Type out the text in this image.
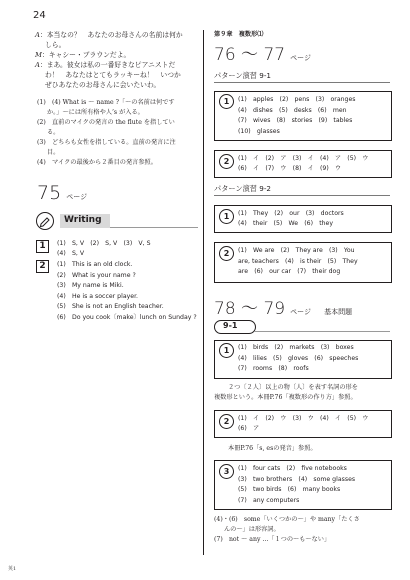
24
A：本当なの？　あなたのお母さんの名前は何か
しら。
M：キャシー・ブラウンだよ。
A：まあ。彼女は私の一番好きなピアニストだ
わ！　あなたはとてもラッキーね！　いつか
ぜひあなたのお母さんに会いたいわ。
(1)　(4) What is ～ name ?「～の名前は何です
か。」～には所有格や人’s が入る。
(2)　直前のマイクの発言の the flute を指してい
る。
(3)　どちらも女性を指している。直前の発言に注
目。
(4)　マイクの最後から２番目の発言参照。
75 ページ
Writing
1	(1)　S, V　(2)　S, V　(3)　V, S
(4)　S, V
2	(1)　This is an old clock.
(2)　What is your name ?
(3)　My name is Miki.
(4)　He is a soccer player.
(5)　She is not an English teacher.
(6)　Do you cook〔make〕lunch on Sunday ?
第９章　複数形⑴
76 ～ 77 ページ
パターン演習 9-1
1	(1)　apples　(2)　pens　(3)　oranges
(4)　dishes　(5)　desks　(6)　men
(7)　wives　(8)　stories　(9)　tables
(10)　glasses
2	(1)　イ　(2)　ア　(3)　イ　(4)　ア　(5)　ウ
(6)　イ　(7)　ウ　(8)　イ　(9)　ウ
パターン演習 9-2
1	(1)　They　(2)　our　(3)　doctors
(4)　their　(5)　We　(6)　they
2	(1)　We are　(2)　They are　(3)　You
are, teachers　(4)　is their　(5)　They
are　(6)　our car　(7)　their dog
78 ～ 79 ページ 基本問題
9-1
1	(1)　birds　(2)　markets　(3)　boxes
(4)　lilies　(5)　gloves　(6)　speeches
(7)　rooms　(8)　roofs
２つ〔２人〕以上の物〔人〕を表す名詞の形を
複数形という。本冊P.76「複数形の作り方」参照。
2	(1)　イ　(2)　ウ　(3)　ウ　(4)　イ　(5)　ウ
(6)　ア
本冊P.76「s, esの発音」参照。
3	(1)　four cats　(2)　five notebooks
(3)　two brothers　(4)　some glasses
(5)　two birds　(6)　many books
(7)　any computers
(4)・(6)　some「いくつかの～」や many「たくさ
んの～」は形容詞。
(7)　not ～ any ...「１つの～も～ない」
英1
